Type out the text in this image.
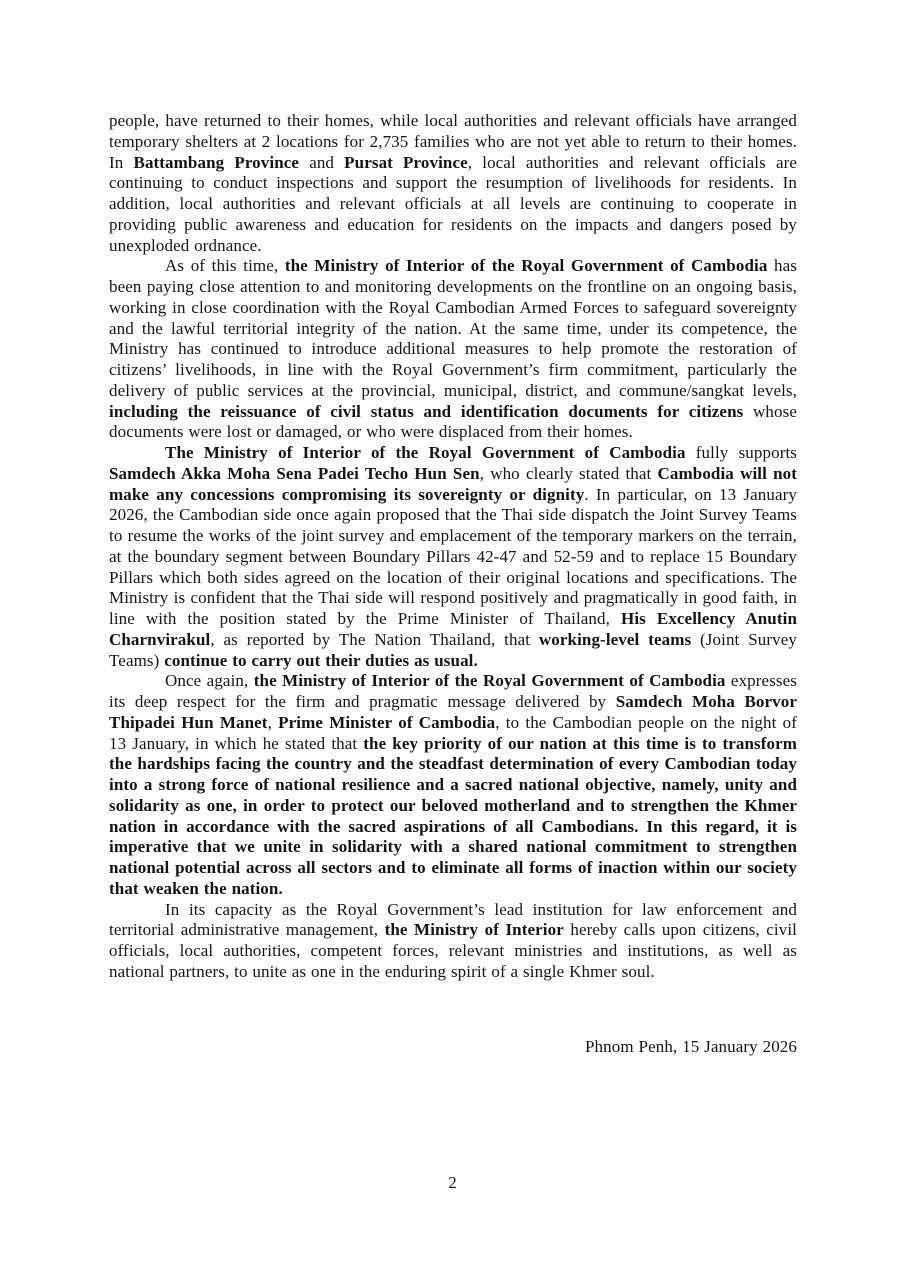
people, have returned to their homes, while local authorities and relevant officials have arranged temporary shelters at 2 locations for 2,735 families who are not yet able to return to their homes. In Battambang Province and Pursat Province, local authorities and relevant officials are continuing to conduct inspections and support the resumption of livelihoods for residents. In addition, local authorities and relevant officials at all levels are continuing to cooperate in providing public awareness and education for residents on the impacts and dangers posed by unexploded ordnance.

As of this time, the Ministry of Interior of the Royal Government of Cambodia has been paying close attention to and monitoring developments on the frontline on an ongoing basis, working in close coordination with the Royal Cambodian Armed Forces to safeguard sovereignty and the lawful territorial integrity of the nation. At the same time, under its competence, the Ministry has continued to introduce additional measures to help promote the restoration of citizens’ livelihoods, in line with the Royal Government’s firm commitment, particularly the delivery of public services at the provincial, municipal, district, and commune/sangkat levels, including the reissuance of civil status and identification documents for citizens whose documents were lost or damaged, or who were displaced from their homes.

The Ministry of Interior of the Royal Government of Cambodia fully supports Samdech Akka Moha Sena Padei Techo Hun Sen, who clearly stated that Cambodia will not make any concessions compromising its sovereignty or dignity. In particular, on 13 January 2026, the Cambodian side once again proposed that the Thai side dispatch the Joint Survey Teams to resume the works of the joint survey and emplacement of the temporary markers on the terrain, at the boundary segment between Boundary Pillars 42-47 and 52-59 and to replace 15 Boundary Pillars which both sides agreed on the location of their original locations and specifications. The Ministry is confident that the Thai side will respond positively and pragmatically in good faith, in line with the position stated by the Prime Minister of Thailand, His Excellency Anutin Charnvirakul, as reported by The Nation Thailand, that working-level teams (Joint Survey Teams) continue to carry out their duties as usual.

Once again, the Ministry of Interior of the Royal Government of Cambodia expresses its deep respect for the firm and pragmatic message delivered by Samdech Moha Borvor Thipadei Hun Manet, Prime Minister of Cambodia, to the Cambodian people on the night of 13 January, in which he stated that the key priority of our nation at this time is to transform the hardships facing the country and the steadfast determination of every Cambodian today into a strong force of national resilience and a sacred national objective, namely, unity and solidarity as one, in order to protect our beloved motherland and to strengthen the Khmer nation in accordance with the sacred aspirations of all Cambodians. In this regard, it is imperative that we unite in solidarity with a shared national commitment to strengthen national potential across all sectors and to eliminate all forms of inaction within our society that weaken the nation.

In its capacity as the Royal Government’s lead institution for law enforcement and territorial administrative management, the Ministry of Interior hereby calls upon citizens, civil officials, local authorities, competent forces, relevant ministries and institutions, as well as national partners, to unite as one in the enduring spirit of a single Khmer soul.

Phnom Penh, 15 January 2026

2
